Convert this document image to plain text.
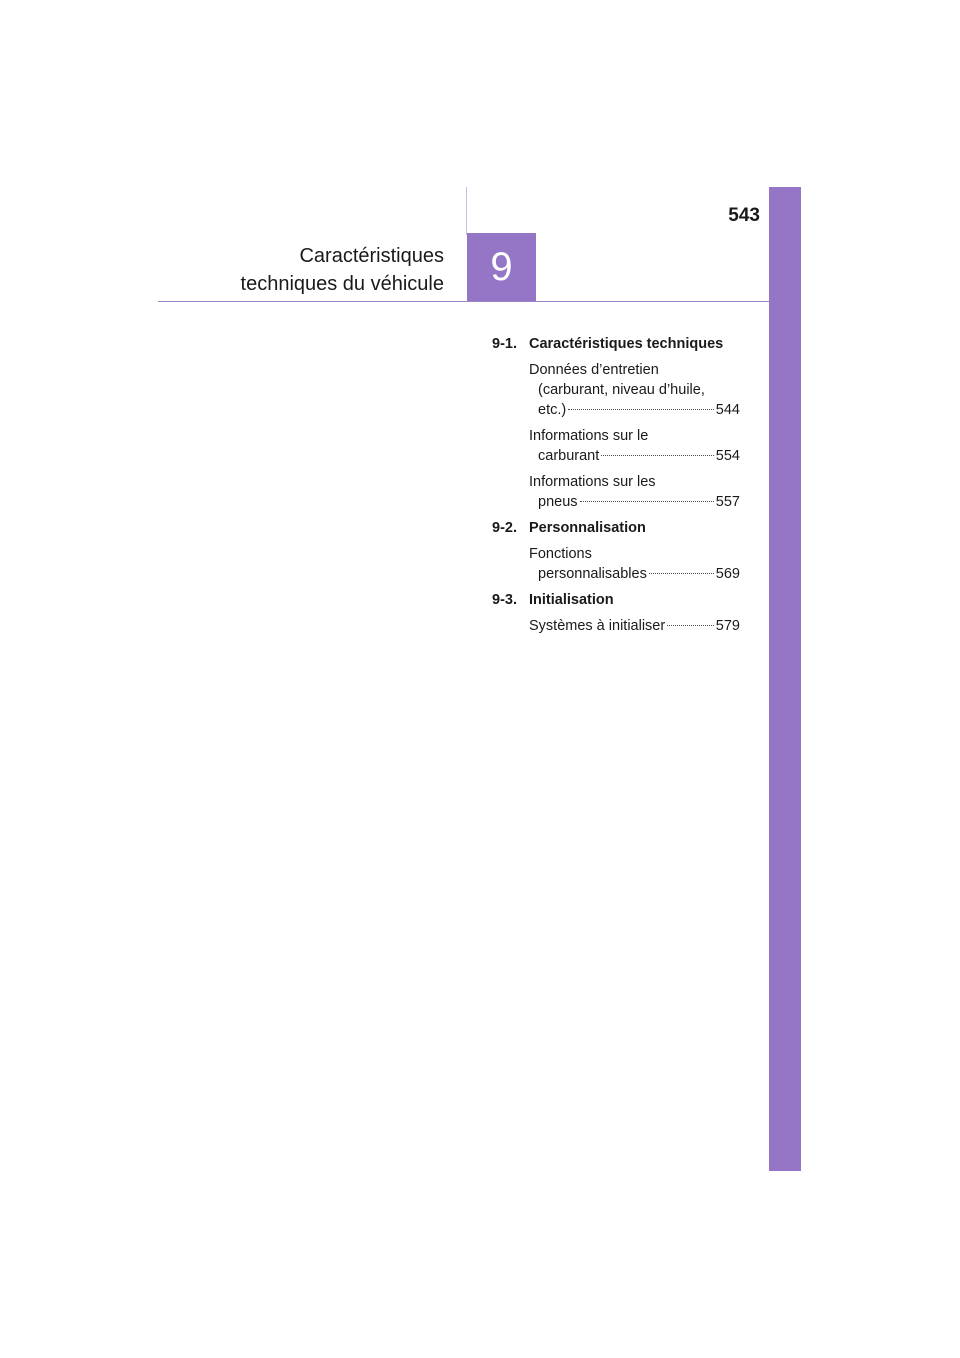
543
Caractéristiques
techniques du véhicule 9
9-1. Caractéristiques techniques
Données d’entretien
(carburant, niveau d’huile,
etc.)	544
Informations sur le
carburant	554
Informations sur les
pneus	557
9-2. Personnalisation
Fonctions
personnalisables	569
9-3. Initialisation
Systèmes à initialiser	579
